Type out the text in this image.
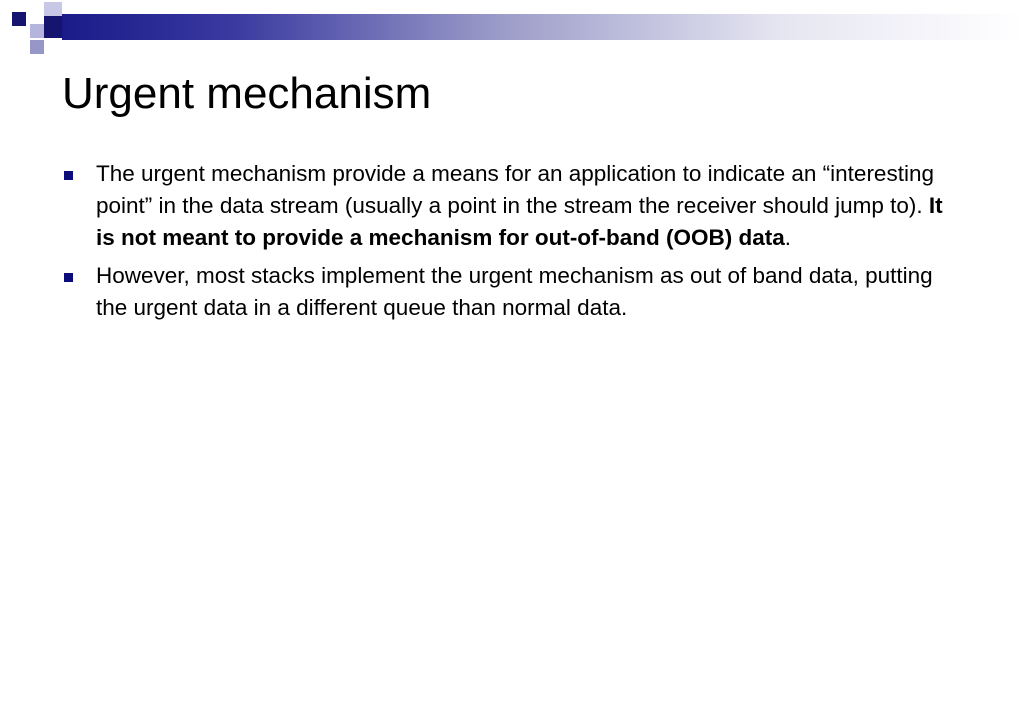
Urgent mechanism
The urgent mechanism provide a means for an application to indicate an “interesting point” in the data stream (usually a point in the stream the receiver should jump to). It is not meant to provide a mechanism for out-of-band (OOB) data.
However, most stacks implement the urgent mechanism as out of band data, putting the urgent data in a different queue than normal data.
